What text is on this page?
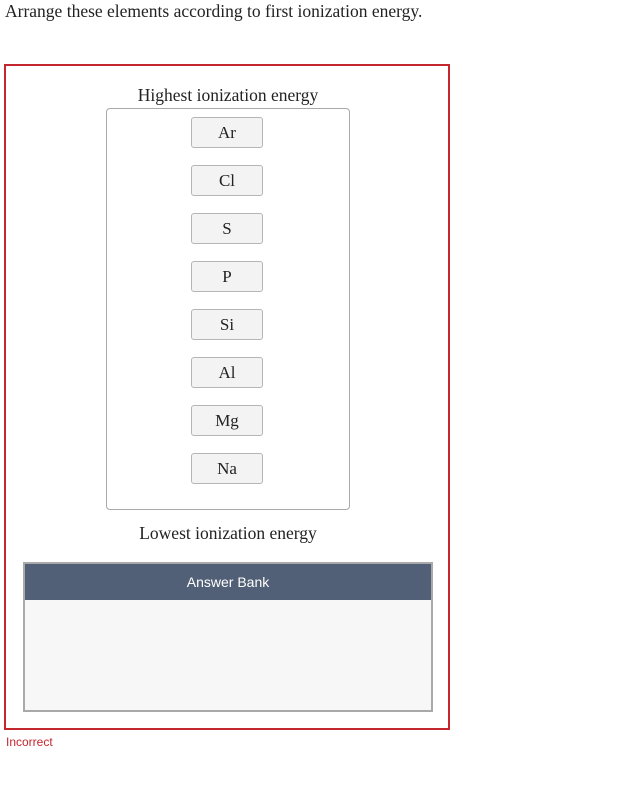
Arrange these elements according to first ionization energy.
Highest ionization energy
Ar
Cl
S
P
Si
Al
Mg
Na
Lowest ionization energy
Answer Bank
Incorrect
